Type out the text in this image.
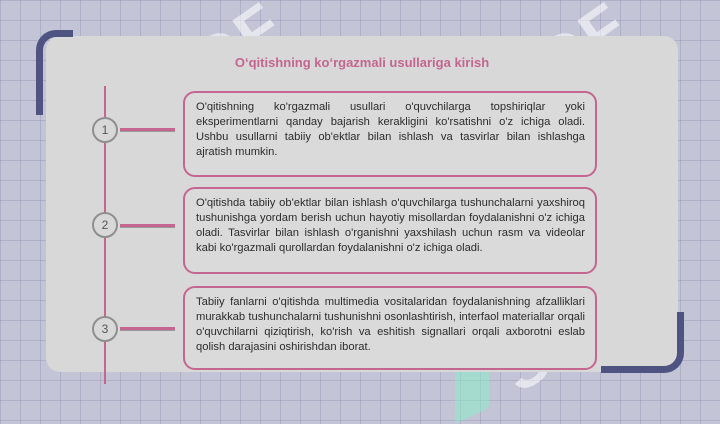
O‘qitishning ko‘rgazmali usullariga kirish
1
O'qitishning ko'rgazmali usullari o'quvchilarga topshiriqlar yoki eksperimentlarni qanday bajarish kerakligini ko'rsatishni o'z ichiga oladi. Ushbu usullarni tabiiy ob'ektlar bilan ishlash va tasvirlar bilan ishlashga ajratish mumkin.
2
O'qitishda tabiiy ob'ektlar bilan ishlash o'quvchilarga tushunchalarni yaxshiroq tushunishga yordam berish uchun hayotiy misollardan foydalanishni o'z ichiga oladi. Tasvirlar bilan ishlash o'rganishni yaxshilash uchun rasm va videolar kabi ko'rgazmali qurollardan foydalanishni o'z ichiga oladi.
3
Tabiiy fanlarni o'qitishda multimedia vositalaridan foydalanishning afzalliklari murakkab tushunchalarni tushunishni osonlashtirish, interfaol materiallar orqali o'quvchilarni qiziqtirish, ko'rish va eshitish signallari orqali axborotni eslab qolish darajasini oshirishdan iborat.
